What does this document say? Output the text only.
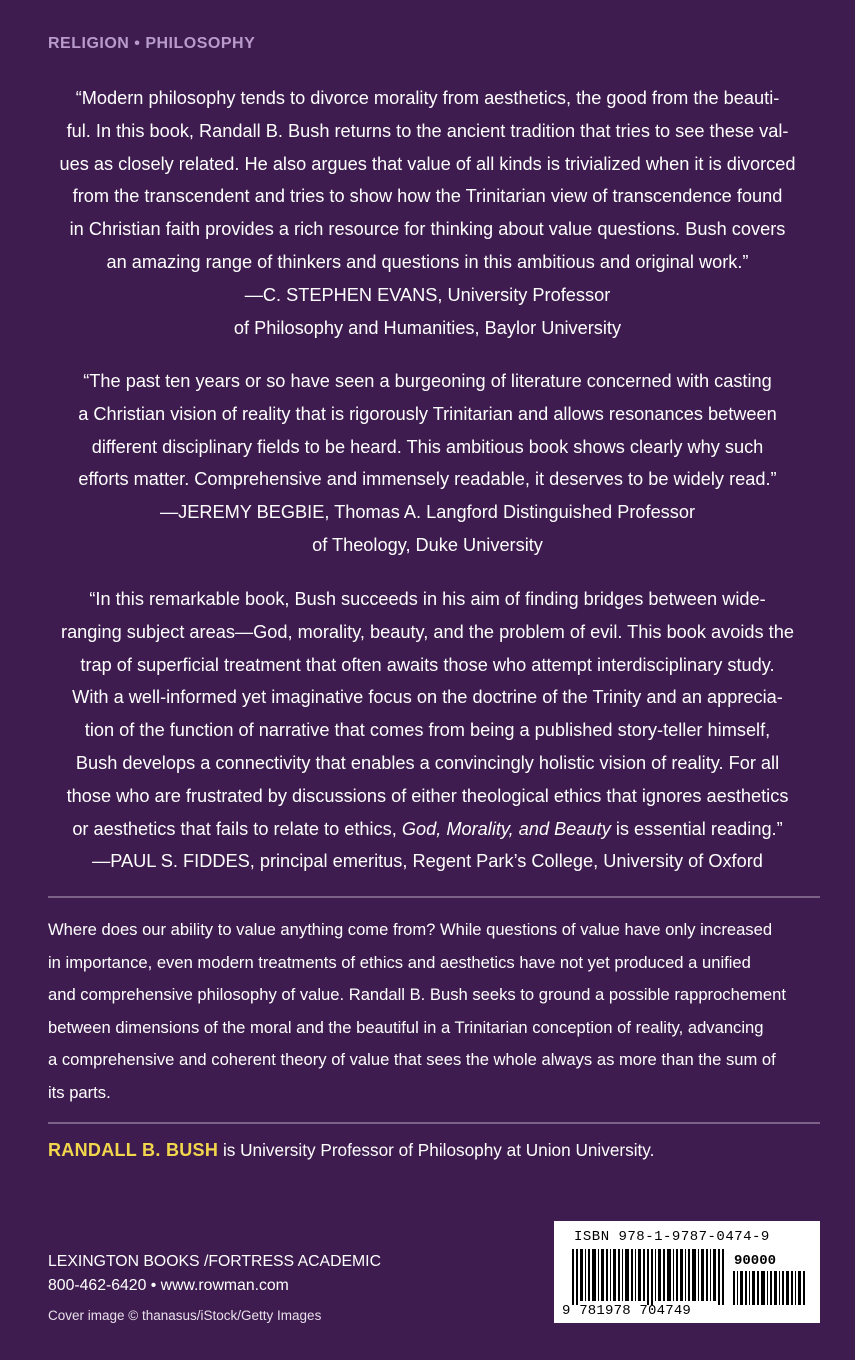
RELIGION • PHILOSOPHY

“Modern philosophy tends to divorce morality from aesthetics, the good from the beauti-

ful. In this book, Randall B. Bush returns to the ancient tradition that tries to see these val-

ues as closely related. He also argues that value of all kinds is trivialized when it is divorced

from the transcendent and tries to show how the Trinitarian view of transcendence found

in Christian faith provides a rich resource for thinking about value questions. Bush covers

an amazing range of thinkers and questions in this ambitious and original work.”

—C. STEPHEN EVANS, University Professor

of Philosophy and Humanities, Baylor University

“The past ten years or so have seen a burgeoning of literature concerned with casting

a Christian vision of reality that is rigorously Trinitarian and allows resonances between

different disciplinary fields to be heard. This ambitious book shows clearly why such

efforts matter. Comprehensive and immensely readable, it deserves to be widely read.”

—JEREMY BEGBIE, Thomas A. Langford Distinguished Professor

of Theology, Duke University

“In this remarkable book, Bush succeeds in his aim of finding bridges between wide-

ranging subject areas—God, morality, beauty, and the problem of evil. This book avoids the

trap of superficial treatment that often awaits those who attempt interdisciplinary study.

With a well-informed yet imaginative focus on the doctrine of the Trinity and an apprecia-

tion of the function of narrative that comes from being a published story-teller himself,

Bush develops a connectivity that enables a convincingly holistic vision of reality. For all

those who are frustrated by discussions of either theological ethics that ignores aesthetics

or aesthetics that fails to relate to ethics, God, Morality, and Beauty is essential reading.”

—PAUL S. FIDDES, principal emeritus, Regent Park’s College, University of Oxford

Where does our ability to value anything come from? While questions of value have only increased
in importance, even modern treatments of ethics and aesthetics have not yet produced a unified
and comprehensive philosophy of value. Randall B. Bush seeks to ground a possible rapprochement
between dimensions of the moral and the beautiful in a Trinitarian conception of reality, advancing
a comprehensive and coherent theory of value that sees the whole always as more than the sum of
its parts.
RANDALL B. BUSH is University Professor of Philosophy at Union University.
LEXINGTON BOOKS /FORTRESS ACADEMIC
800-462-6420 • www.rowman.com
Cover image © thanasus/iStock/Getty Images
ISBN 978-1-9787-0474-9
90000
9 781978 704749
